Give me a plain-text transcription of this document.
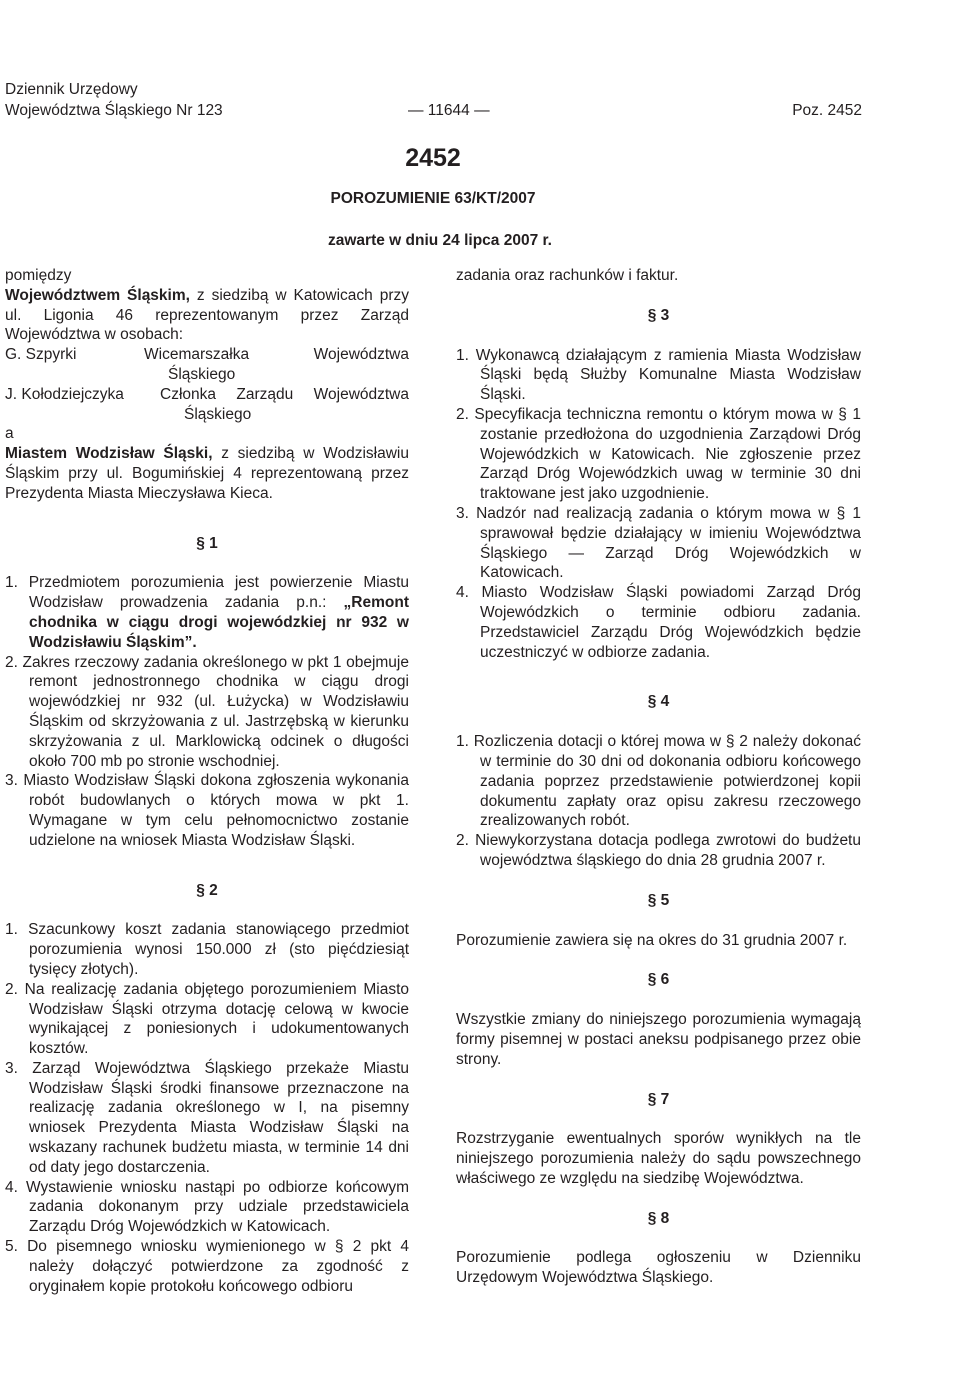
Dziennik Urzędowy
Województwa Śląskiego Nr 123	— 11644 —	Poz. 2452
2452
POROZUMIENIE 63/KT/2007
zawarte w dniu 24 lipca 2007 r.

pomiędzy

Województwem Śląskim, z siedzibą w Katowicach przy ul. Ligonia 46 reprezentowanym przez Zarząd Województwa w osobach:

G. Szpyrki	Wicemarszałka Województwa Śląskiego
J. Kołodziejczyka	Członka Zarządu Województwa Śląskiego

a

Miastem Wodzisław Śląski, z siedzibą w Wodzisławiu Śląskim przy ul. Bogumińskiej 4 reprezentowaną przez Prezydenta Miasta Mieczysława Kieca.

§ 1

1. Przedmiotem porozumienia jest powierzenie Miastu Wodzisław prowadzenia zadania p.n.: „Remont chodnika w ciągu drogi wojewódzkiej nr 932 w Wodzisławiu Śląskim”.

2. Zakres rzeczowy zadania określonego w pkt 1 obejmuje remont jednostronnego chodnika w ciągu drogi wojewódzkiej nr 932 (ul. Łużycka) w Wodzisławiu Śląskim od skrzyżowania z ul. Jastrzębską w kierunku skrzyżowania z ul. Marklowicką odcinek o długości około 700 mb po stronie wschodniej.

3. Miasto Wodzisław Śląski dokona zgłoszenia wykonania robót budowlanych o których mowa w pkt 1. Wymagane w tym celu pełnomocnictwo zostanie udzielone na wniosek Miasta Wodzisław Śląski.

§ 2

1. Szacunkowy koszt zadania stanowiącego przedmiot porozumienia wynosi 150.000 zł (sto pięćdziesiąt tysięcy złotych).

2. Na realizację zadania objętego porozumieniem Miasto Wodzisław Śląski otrzyma dotację celową w kwocie wynikającej z poniesionych i udokumentowanych kosztów.

3. Zarząd Województwa Śląskiego przekaże Miastu Wodzisław Śląski środki finansowe przeznaczone na realizację zadania określonego w I, na pisemny wniosek Prezydenta Miasta Wodzisław Śląski na wskazany rachunek budżetu miasta, w terminie 14 dni od daty jego dostarczenia.

4. Wystawienie wniosku nastąpi po odbiorze końcowym zadania dokonanym przy udziale przedstawiciela Zarządu Dróg Wojewódzkich w Katowicach.

5. Do pisemnego wniosku wymienionego w § 2 pkt 4 należy dołączyć potwierdzone za zgodność z oryginałem kopie protokołu końcowego odbioru

zadania oraz rachunków i faktur.

§ 3

1. Wykonawcą działającym z ramienia Miasta Wodzisław Śląski będą Służby Komunalne Miasta Wodzisław Śląski.

2. Specyfikacja techniczna remontu o którym mowa w § 1 zostanie przedłożona do uzgodnienia Zarządowi Dróg Wojewódzkich w Katowicach. Nie zgłoszenie przez Zarząd Dróg Wojewódzkich uwag w terminie 30 dni traktowane jest jako uzgodnienie.

3. Nadzór nad realizacją zadania o którym mowa w § 1 sprawował będzie działający w imieniu Województwa Śląskiego — Zarząd Dróg Wojewódzkich w Katowicach.

4. Miasto Wodzisław Śląski powiadomi Zarząd Dróg Wojewódzkich o terminie odbioru zadania. Przedstawiciel Zarządu Dróg Wojewódzkich będzie uczestniczyć w odbiorze zadania.

§ 4

1. Rozliczenia dotacji o której mowa w § 2 należy dokonać w terminie do 30 dni od dokonania odbioru końcowego zadania poprzez przedstawienie potwierdzonej kopii dokumentu zapłaty oraz opisu zakresu rzeczowego zrealizowanych robót.

2. Niewykorzystana dotacja podlega zwrotowi do budżetu województwa śląskiego do dnia 28 grudnia 2007 r.

§ 5

Porozumienie zawiera się na okres do 31 grudnia 2007 r.

§ 6

Wszystkie zmiany do niniejszego porozumienia wymagają formy pisemnej w postaci aneksu podpisanego przez obie strony.

§ 7

Rozstrzyganie ewentualnych sporów wynikłych na tle niniejszego porozumienia należy do sądu powszechnego właściwego ze względu na siedzibę Województwa.

§ 8

Porozumienie podlega ogłoszeniu w Dzienniku Urzędowym Województwa Śląskiego.
